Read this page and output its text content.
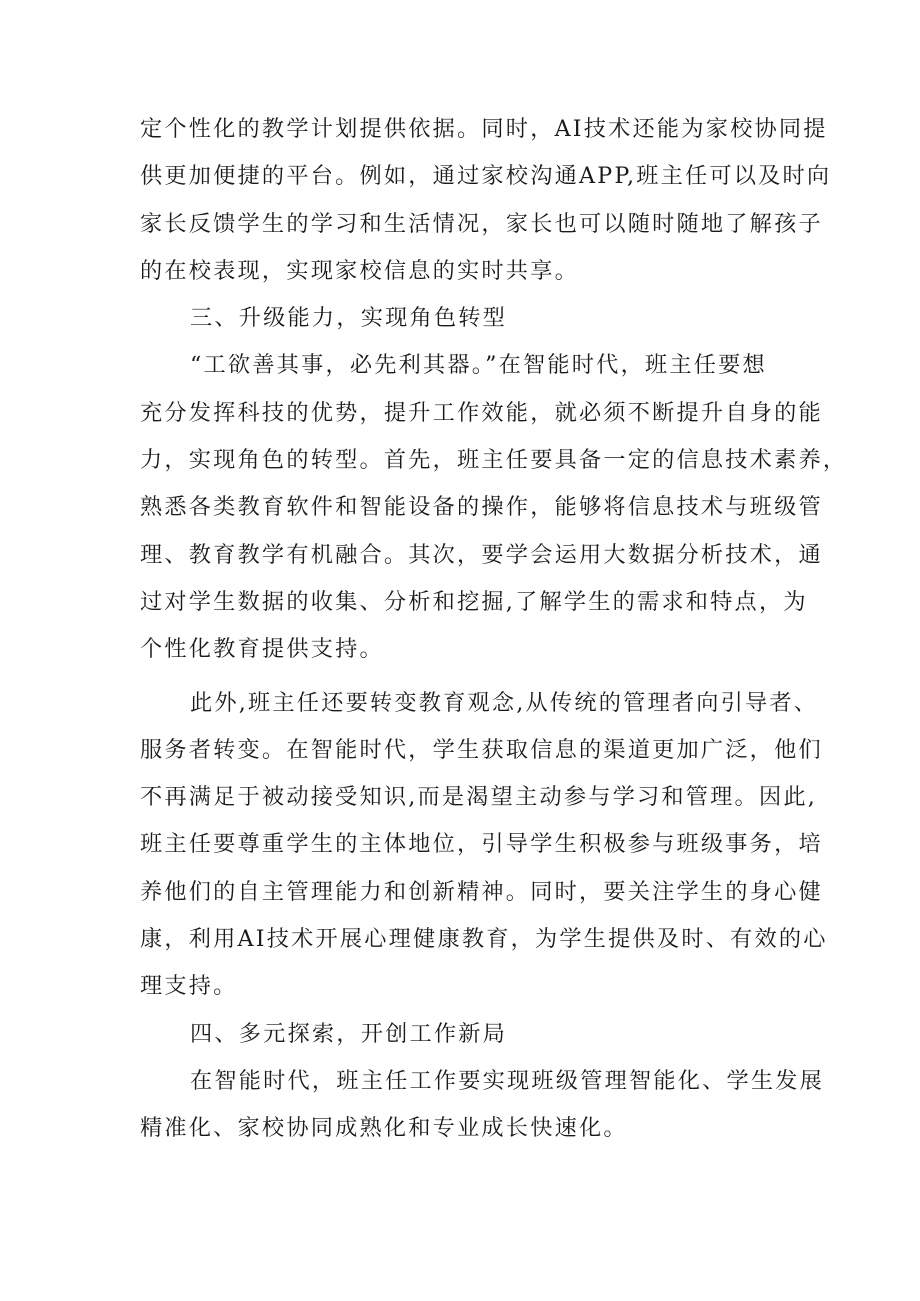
定个性化的教学计划提供依据。同时，AI技术还能为家校协同提
供更加便捷的平台。例如，通过家校沟通APP,班主任可以及时向
家长反馈学生的学习和生活情况，家长也可以随时随地了解孩子
的在校表现，实现家校信息的实时共享。
三、升级能力，实现角色转型
“工欲善其事，必先利其器。”在智能时代，班主任要想
充分发挥科技的优势，提升工作效能，就必须不断提升自身的能
力，实现角色的转型。首先，班主任要具备一定的信息技术素养，
熟悉各类教育软件和智能设备的操作，能够将信息技术与班级管
理、教育教学有机融合。其次，要学会运用大数据分析技术，通
过对学生数据的收集、分析和挖掘,了解学生的需求和特点，为
个性化教育提供支持。
此外,班主任还要转变教育观念,从传统的管理者向引导者、
服务者转变。在智能时代，学生获取信息的渠道更加广泛，他们
不再满足于被动接受知识,而是渴望主动参与学习和管理。因此,
班主任要尊重学生的主体地位，引导学生积极参与班级事务，培
养他们的自主管理能力和创新精神。同时，要关注学生的身心健
康，利用AI技术开展心理健康教育，为学生提供及时、有效的心
理支持。
四、多元探索，开创工作新局
在智能时代，班主任工作要实现班级管理智能化、学生发展
精准化、家校协同成熟化和专业成长快速化。
